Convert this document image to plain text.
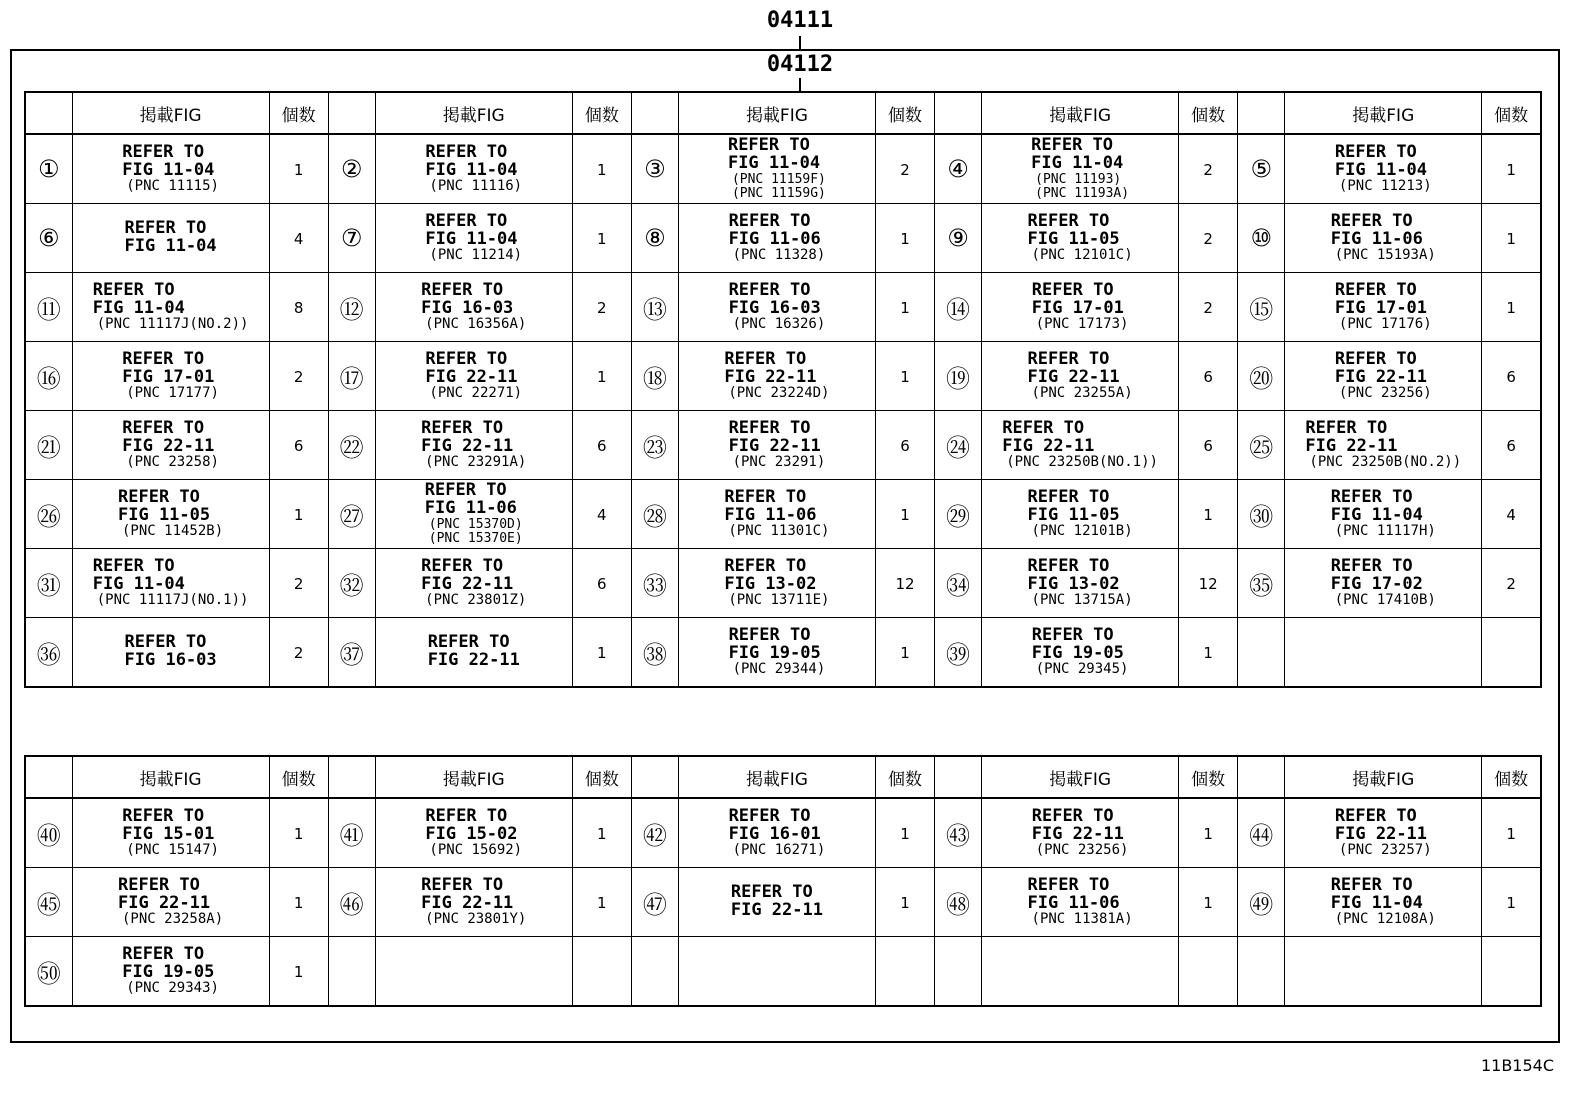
04111
04112
	掲載FIG	個数		掲載FIG	個数		掲載FIG	個数		掲載FIG	個数		掲載FIG	個数
①	REFER TO
FIG 11-04
(PNC 11115)	1	②	REFER TO
FIG 11-04
(PNC 11116)	1	③	REFER TO
FIG 11-04
(PNC 11159F)
(PNC 11159G)	2	④	REFER TO
FIG 11-04
(PNC 11193)
(PNC 11193A)	2	⑤	REFER TO
FIG 11-04
(PNC 11213)	1
⑥	REFER TO
FIG 11-04	4	⑦	REFER TO
FIG 11-04
(PNC 11214)	1	⑧	REFER TO
FIG 11-06
(PNC 11328)	1	⑨	REFER TO
FIG 11-05
(PNC 12101C)	2	⑩	REFER TO
FIG 11-06
(PNC 15193A)	1
⑪	REFER TO
FIG 11-04
(PNC 11117J(NO.2))	8	⑫	REFER TO
FIG 16-03
(PNC 16356A)	2	⑬	REFER TO
FIG 16-03
(PNC 16326)	1	⑭	REFER TO
FIG 17-01
(PNC 17173)	2	⑮	REFER TO
FIG 17-01
(PNC 17176)	1
⑯	REFER TO
FIG 17-01
(PNC 17177)	2	⑰	REFER TO
FIG 22-11
(PNC 22271)	1	⑱	REFER TO
FIG 22-11
(PNC 23224D)	1	⑲	REFER TO
FIG 22-11
(PNC 23255A)	6	⑳	REFER TO
FIG 22-11
(PNC 23256)	6
㉑	REFER TO
FIG 22-11
(PNC 23258)	6	㉒	REFER TO
FIG 22-11
(PNC 23291A)	6	㉓	REFER TO
FIG 22-11
(PNC 23291)	6	㉔	REFER TO
FIG 22-11
(PNC 23250B(NO.1))	6	㉕	REFER TO
FIG 22-11
(PNC 23250B(NO.2))	6
㉖	REFER TO
FIG 11-05
(PNC 11452B)	1	㉗	REFER TO
FIG 11-06
(PNC 15370D)
(PNC 15370E)	4	㉘	REFER TO
FIG 11-06
(PNC 11301C)	1	㉙	REFER TO
FIG 11-05
(PNC 12101B)	1	㉚	REFER TO
FIG 11-04
(PNC 11117H)	4
㉛	REFER TO
FIG 11-04
(PNC 11117J(NO.1))	2	㉜	REFER TO
FIG 22-11
(PNC 23801Z)	6	㉝	REFER TO
FIG 13-02
(PNC 13711E)	12	㉞	REFER TO
FIG 13-02
(PNC 13715A)	12	㉟	REFER TO
FIG 17-02
(PNC 17410B)	2
㊱	REFER TO
FIG 16-03	2	㊲	REFER TO
FIG 22-11	1	㊳	REFER TO
FIG 19-05
(PNC 29344)	1	㊴	REFER TO
FIG 19-05
(PNC 29345)	1			
	掲載FIG	個数		掲載FIG	個数		掲載FIG	個数		掲載FIG	個数		掲載FIG	個数
㊵	REFER TO
FIG 15-01
(PNC 15147)	1	㊶	REFER TO
FIG 15-02
(PNC 15692)	1	㊷	REFER TO
FIG 16-01
(PNC 16271)	1	㊸	REFER TO
FIG 22-11
(PNC 23256)	1	㊹	REFER TO
FIG 22-11
(PNC 23257)	1
㊺	REFER TO
FIG 22-11
(PNC 23258A)	1	㊻	REFER TO
FIG 22-11
(PNC 23801Y)	1	㊼	REFER TO
FIG 22-11	1	㊽	REFER TO
FIG 11-06
(PNC 11381A)	1	㊾	REFER TO
FIG 11-04
(PNC 12108A)	1
㊿	REFER TO
FIG 19-05
(PNC 29343)	1												
11B154C
